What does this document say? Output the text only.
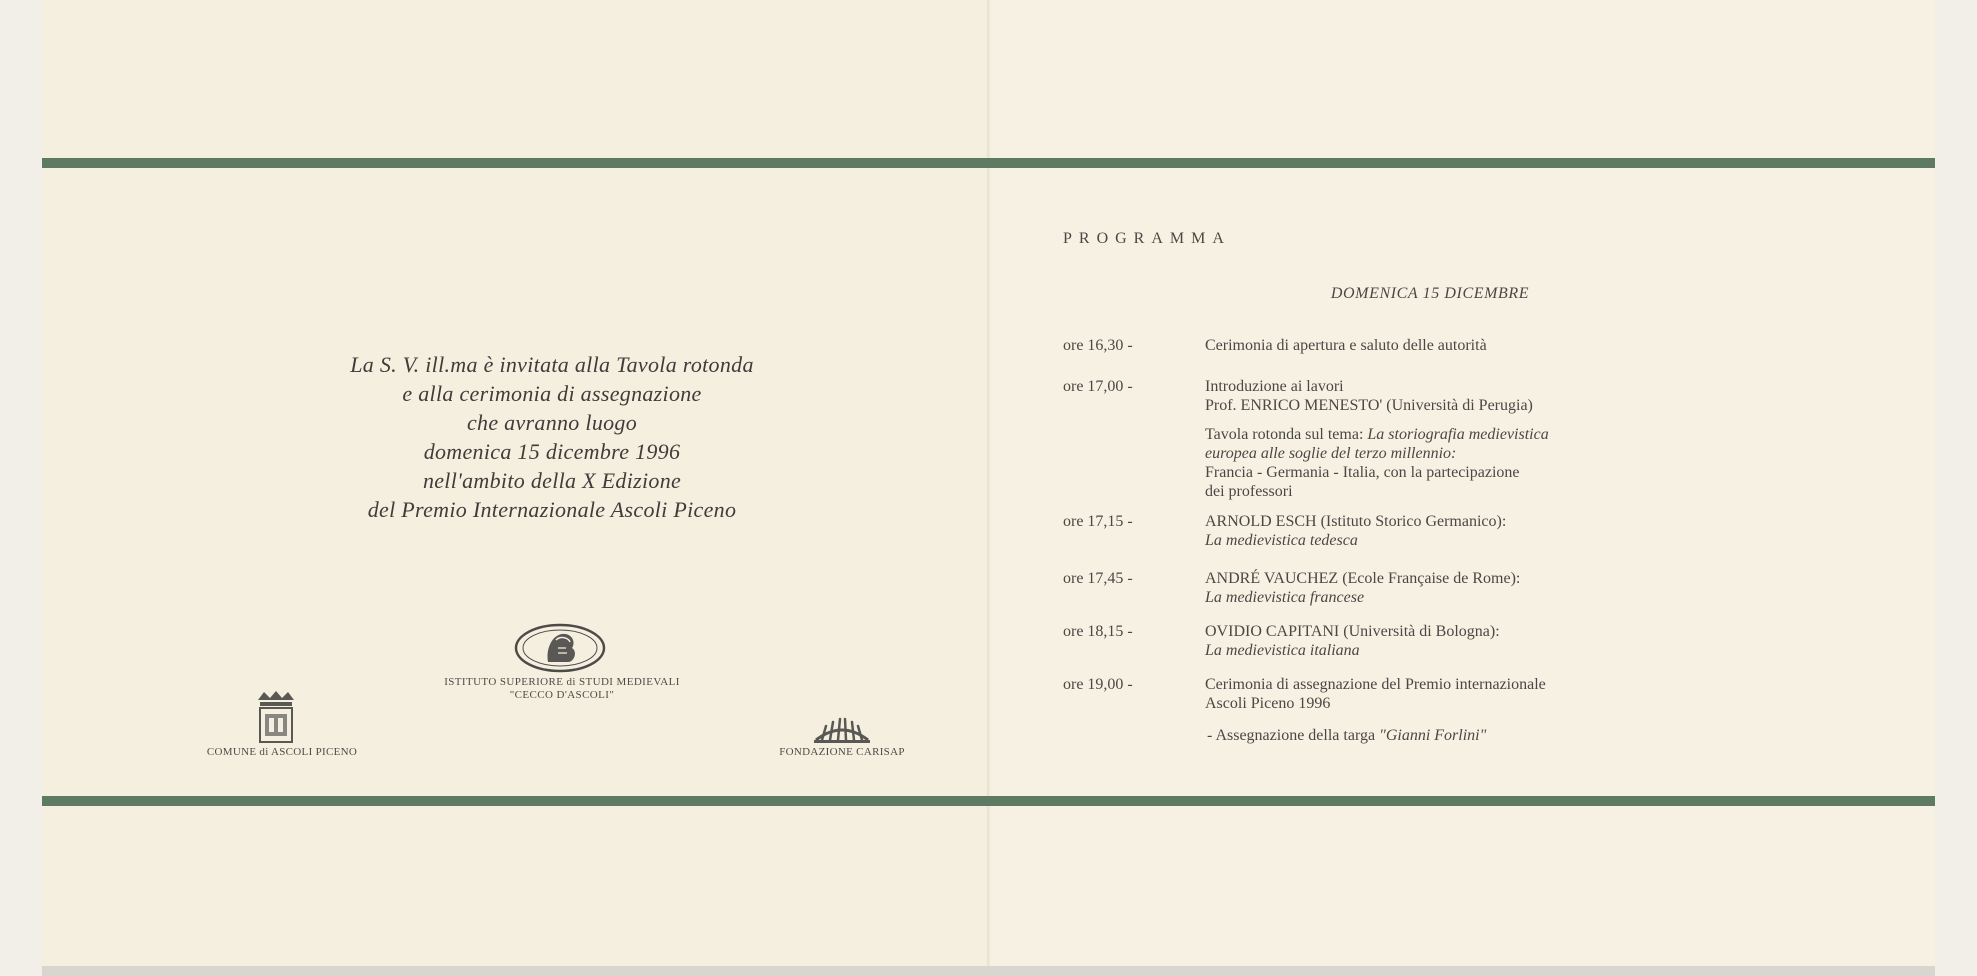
La S. V. ill.ma è invitata alla Tavola rotonda
e alla cerimonia di assegnazione
che avranno luogo
domenica 15 dicembre 1996
nell'ambito della X Edizione
del Premio Internazionale Ascoli Piceno
ISTITUTO SUPERIORE di STUDI MEDIEVALI
"CECCO D'ASCOLI"
COMUNE di ASCOLI PICENO	FONDAZIONE CARISAP
PROGRAMMA
DOMENICA 15 DICEMBRE
ore 16,30 -	Cerimonia di apertura e saluto delle autorità
ore 17,00 -	Introduzione ai lavori
Prof. ENRICO MENESTO' (Università di Perugia)
Tavola rotonda sul tema: La storiografia medievistica
europea alle soglie del terzo millennio:
Francia - Germania - Italia, con la partecipazione
dei professori
ore 17,15 -	ARNOLD ESCH (Istituto Storico Germanico):
La medievistica tedesca
ore 17,45 -	ANDRÉ VAUCHEZ (Ecole Française de Rome):
La medievistica francese
ore 18,15 -	OVIDIO CAPITANI (Università di Bologna):
La medievistica italiana
ore 19,00 -	Cerimonia di assegnazione del Premio internazionale
Ascoli Piceno 1996
- Assegnazione della targa "Gianni Forlini"
